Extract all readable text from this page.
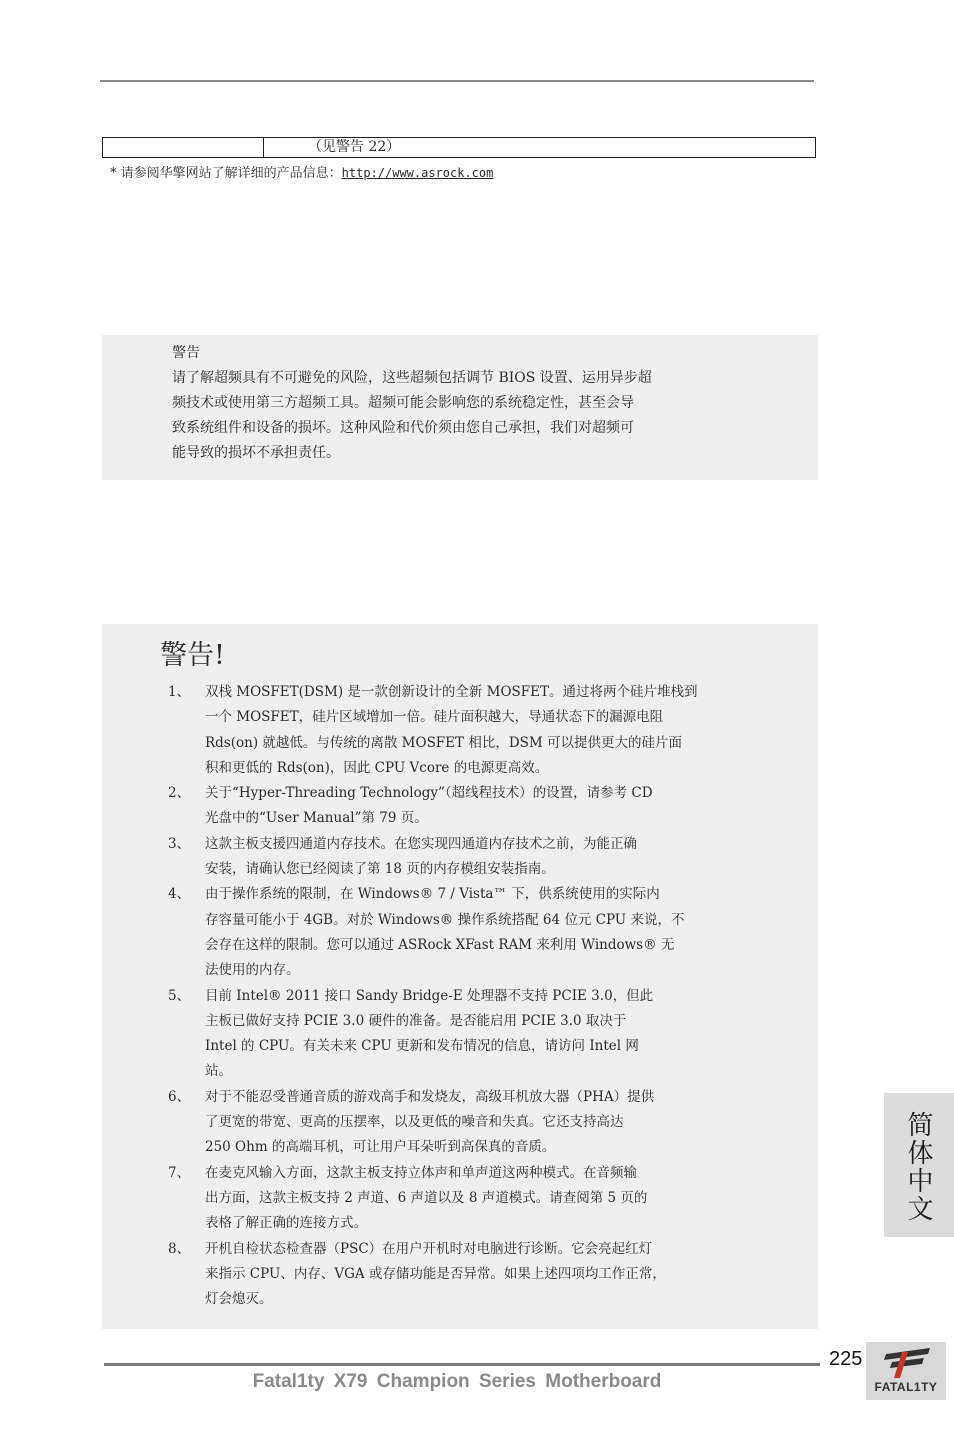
（见警告 22）
* 请参阅华擎网站了解详细的产品信息：http://www.asrock.com
警告
请了解超频具有不可避免的风险，这些超频包括调节 BIOS 设置、运用异步超
频技术或使用第三方超频工具。超频可能会影响您的系统稳定性，甚至会导
致系统组件和设备的损坏。这种风险和代价须由您自己承担，我们对超频可
能导致的损坏不承担责任。
警告!
1、 双栈 MOSFET(DSM) 是一款创新设计的全新 MOSFET。通过将两个硅片堆栈到
一个 MOSFET，硅片区域增加一倍。硅片面积越大，导通状态下的漏源电阻
Rds(on) 就越低。与传统的离散 MOSFET 相比，DSM 可以提供更大的硅片面
积和更低的 Rds(on)，因此 CPU Vcore 的电源更高效。
2、 关于“Hyper-Threading Technology”（超线程技术）的设置，请参考 CD
光盘中的“User Manual”第 79 页。
3、 这款主板支援四通道内存技术。在您实现四通道内存技术之前，为能正确
安装，请确认您已经阅读了第 18 页的内存模组安装指南。
4、 由于操作系统的限制，在 Windows® 7 / Vista™ 下，供系统使用的实际内
存容量可能小于 4GB。对於 Windows® 操作系统搭配 64 位元 CPU 来说，不
会存在这样的限制。您可以通过 ASRock XFast RAM 来利用 Windows® 无
法使用的内存。
5、 目前 Intel® 2011 接口 Sandy Bridge-E 处理器不支持 PCIE 3.0，但此
主板已做好支持 PCIE 3.0 硬件的准备。是否能启用 PCIE 3.0 取决于
Intel 的 CPU。有关未来 CPU 更新和发布情况的信息，请访问 Intel 网
站。
6、 对于不能忍受普通音质的游戏高手和发烧友，高级耳机放大器（PHA）提供
了更宽的带宽、更高的压摆率，以及更低的噪音和失真。它还支持高达
250 Ohm 的高端耳机，可让用户耳朵听到高保真的音质。
7、 在麦克风输入方面，这款主板支持立体声和单声道这两种模式。在音频输
出方面，这款主板支持 2 声道、6 声道以及 8 声道模式。请查阅第 5 页的
表格了解正确的连接方式。
8、 开机自检状态检查器（PSC）在用户开机时对电脑进行诊断。它会亮起红灯
来指示 CPU、内存、VGA 或存储功能是否异常。如果上述四项均工作正常，
灯会熄灭。
简体中文
225
Fatal1ty X79 Champion Series Motherboard	FATAL1TY
